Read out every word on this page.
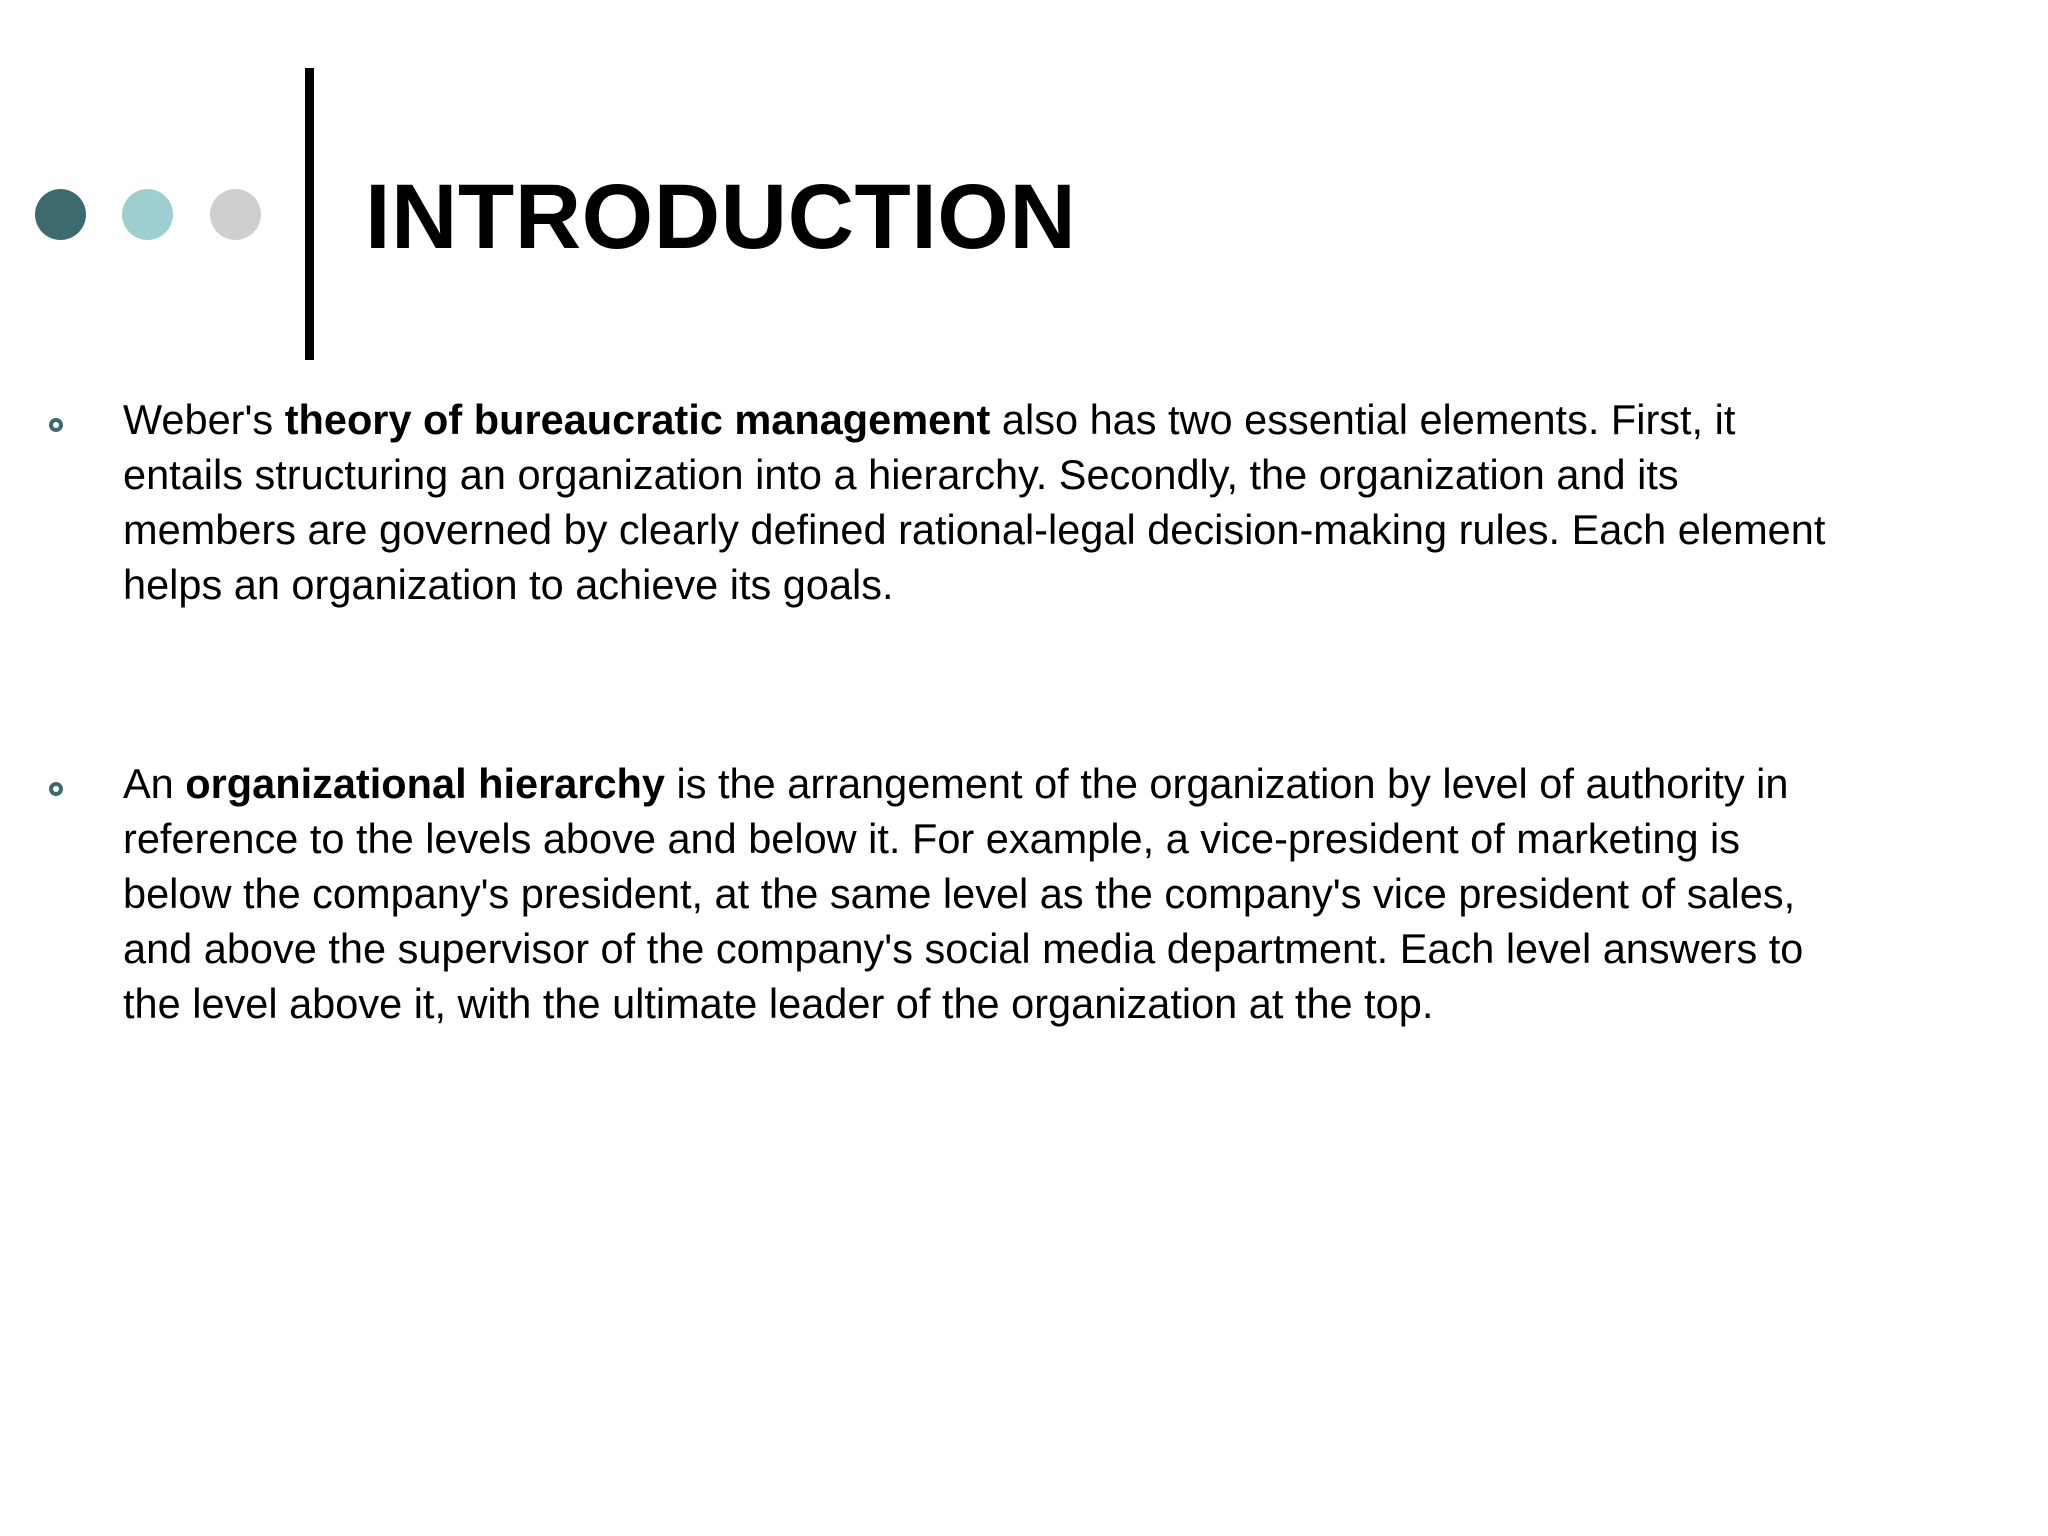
INTRODUCTION

Weber's theory of bureaucratic management also has two essential elements. First, it
entails structuring an organization into a hierarchy. Secondly, the organization and its
members are governed by clearly defined rational-legal decision-making rules. Each element
helps an organization to achieve its goals.

An organizational hierarchy is the arrangement of the organization by level of authority in
reference to the levels above and below it. For example, a vice-president of marketing is
below the company's president, at the same level as the company's vice president of sales,
and above the supervisor of the company's social media department. Each level answers to
the level above it, with the ultimate leader of the organization at the top.
